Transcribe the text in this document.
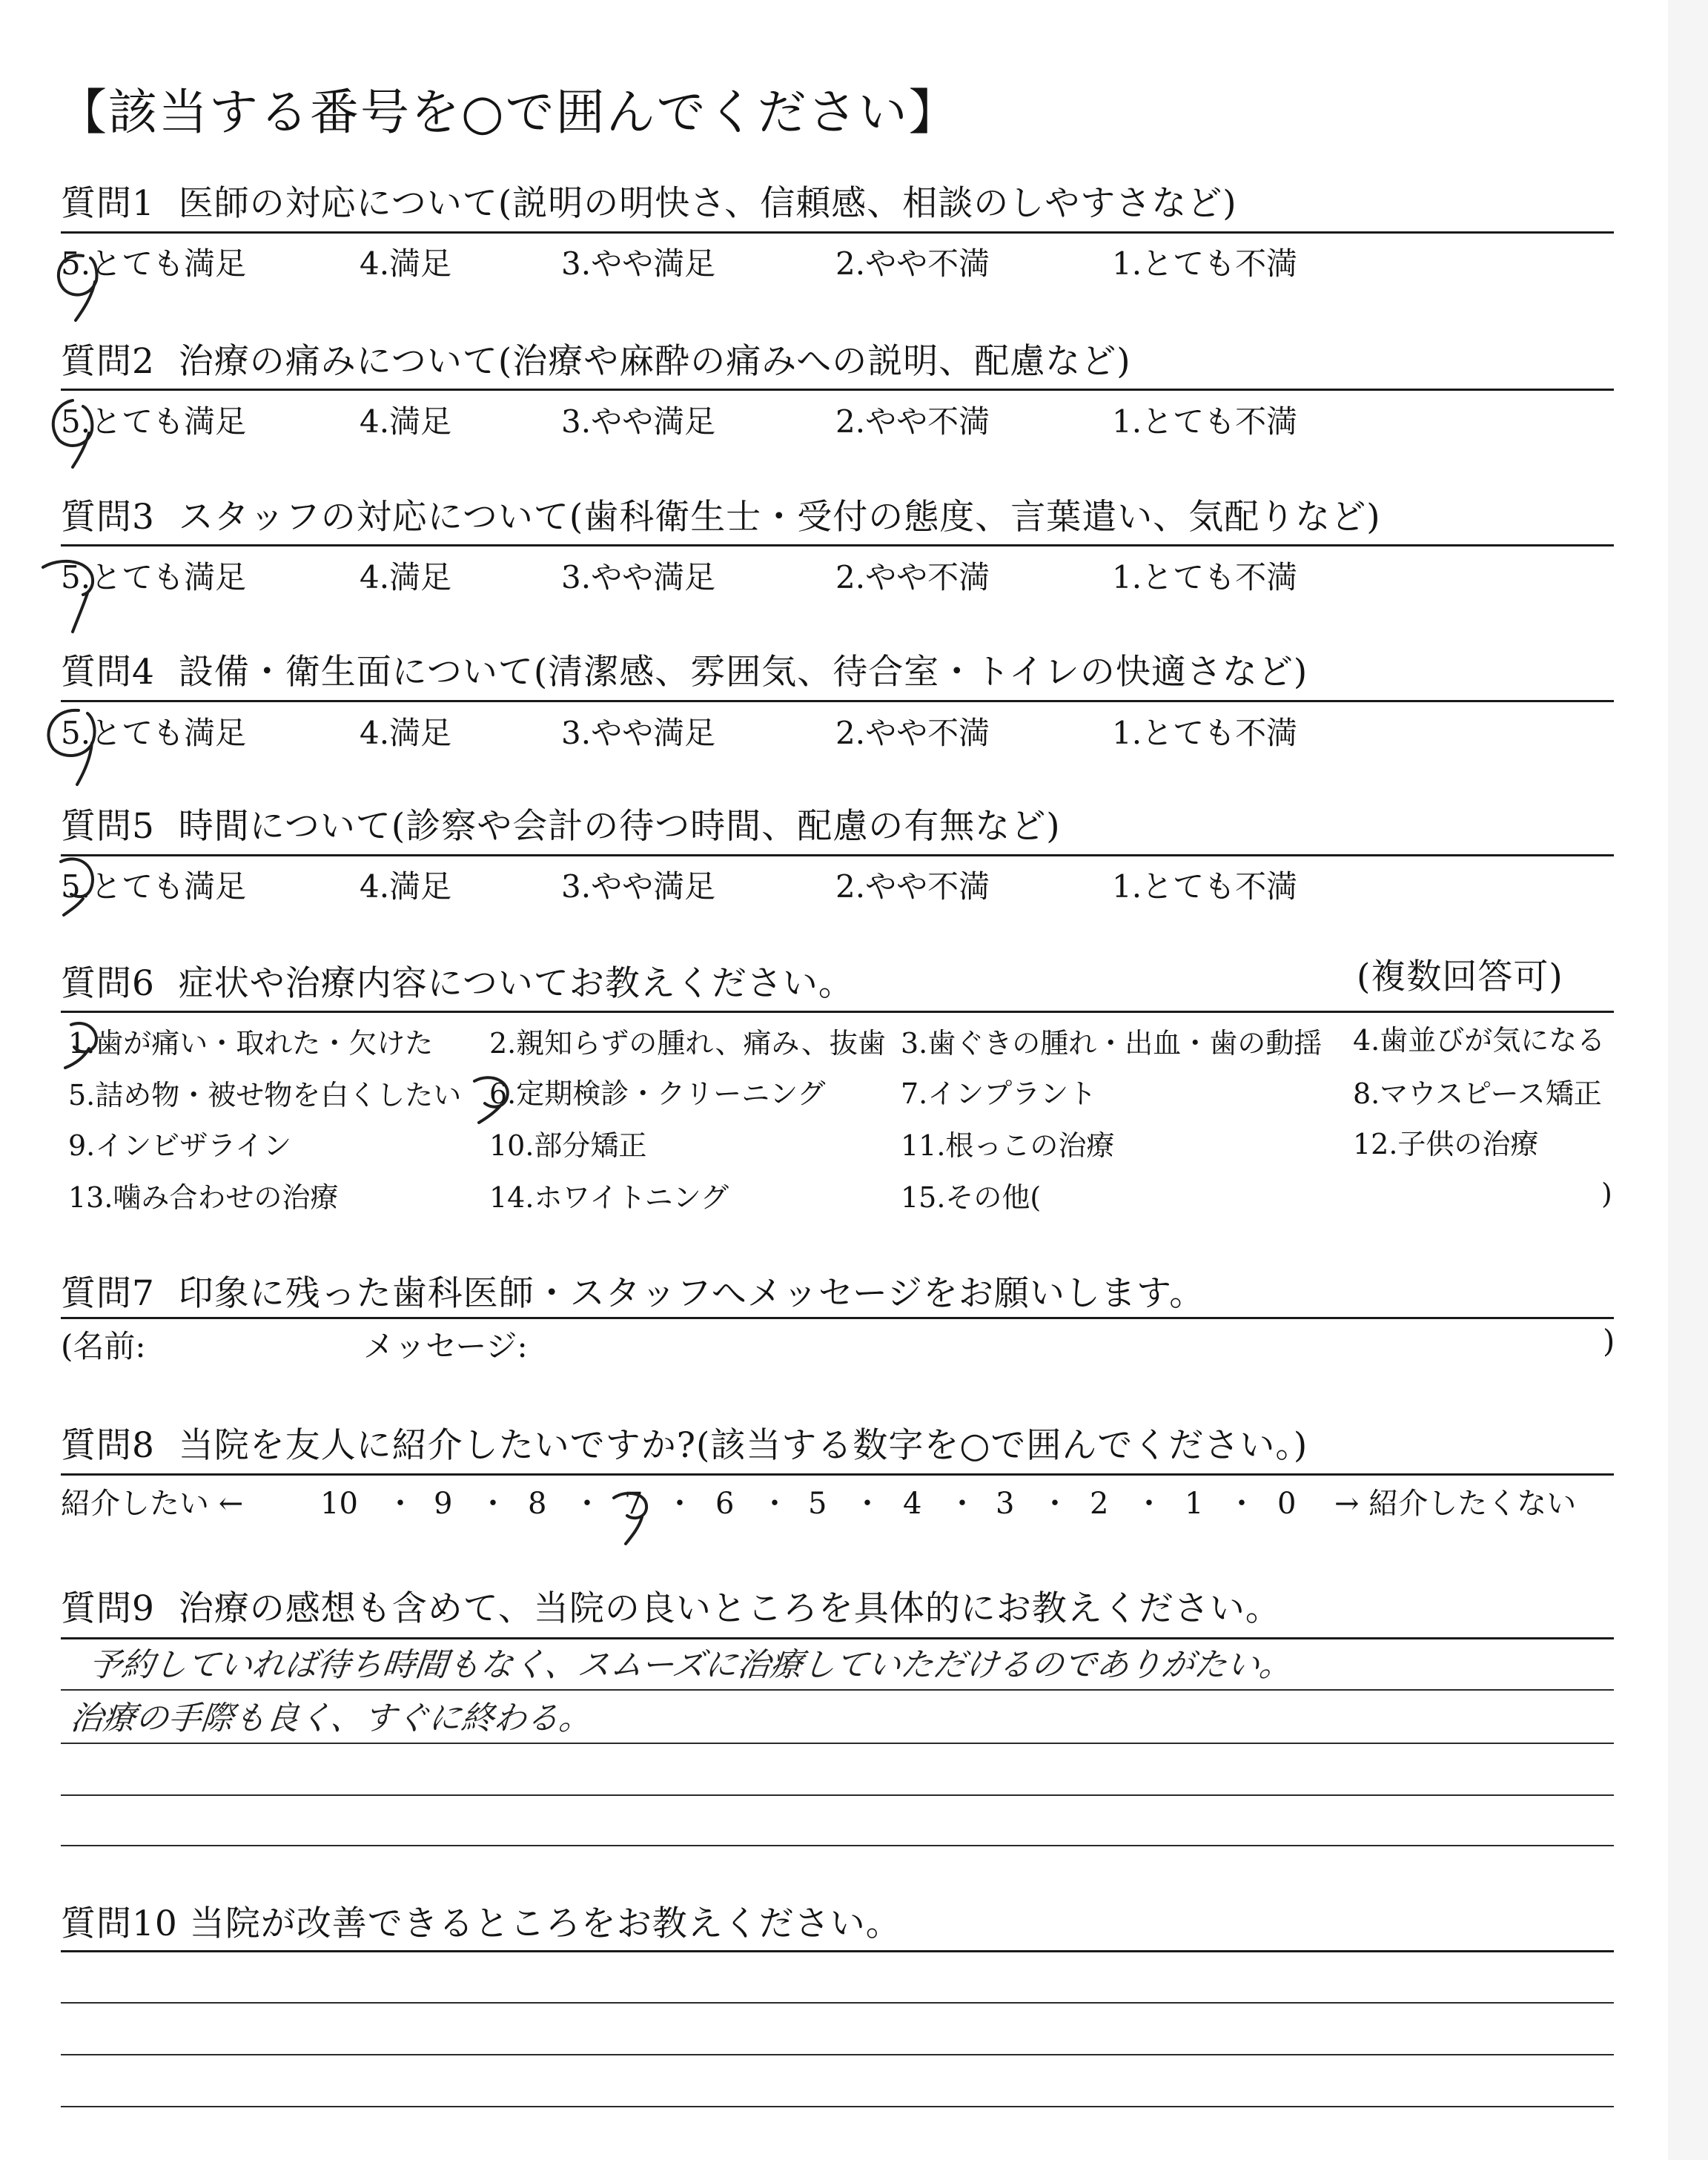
【該当する番号を○で囲んでください】
質問1 医師の対応について(説明の明快さ、信頼感、相談のしやすさなど)
5.とても満足	4.満足	3.やや満足	2.やや不満	1.とても不満
質問2 治療の痛みについて(治療や麻酔の痛みへの説明、配慮など)
5.とても満足	4.満足	3.やや満足	2.やや不満	1.とても不満
質問3 スタッフの対応について(歯科衛生士・受付の態度、言葉遣い、気配りなど)
5.とても満足	4.満足	3.やや満足	2.やや不満	1.とても不満
質問4 設備・衛生面について(清潔感、雰囲気、待合室・トイレの快適さなど)
5.とても満足	4.満足	3.やや満足	2.やや不満	1.とても不満
質問5 時間について(診察や会計の待つ時間、配慮の有無など)
5.とても満足	4.満足	3.やや満足	2.やや不満	1.とても不満
質問6 症状や治療内容についてお教えください。	(複数回答可)
1.歯が痛い・取れた・欠けた 2.親知らずの腫れ、痛み、抜歯 3.歯ぐきの腫れ・出血・歯の動揺 4.歯並びが気になる
5.詰め物・被せ物を白くしたい 6.定期検診・クリーニング	7.インプラント	8.マウスピース矯正
9.インビザライン	10.部分矯正	11.根っこの治療	12.子供の治療
13.噛み合わせの治療	14.ホワイトニング	15.その他(	)
質問7 印象に残った歯科医師・スタッフへメッセージをお願いします。
(名前:	メッセージ:	)
質問8 当院を友人に紹介したいですか?(該当する数字を○で囲んでください。)
紹介したい ←	→ 紹介したくない
10 ・ 9 ・ 8 ・ 7 ・ 6 ・ 5 ・ 4 ・ 3 ・ 2 ・ 1 ・ 0
質問9 治療の感想も含めて、当院の良いところを具体的にお教えください。
予約していれば待ち時間もなく、スムーズに治療していただけるのでありがたい。
治療の手際も良く、すぐに終わる。
質問10 当院が改善できるところをお教えください。
